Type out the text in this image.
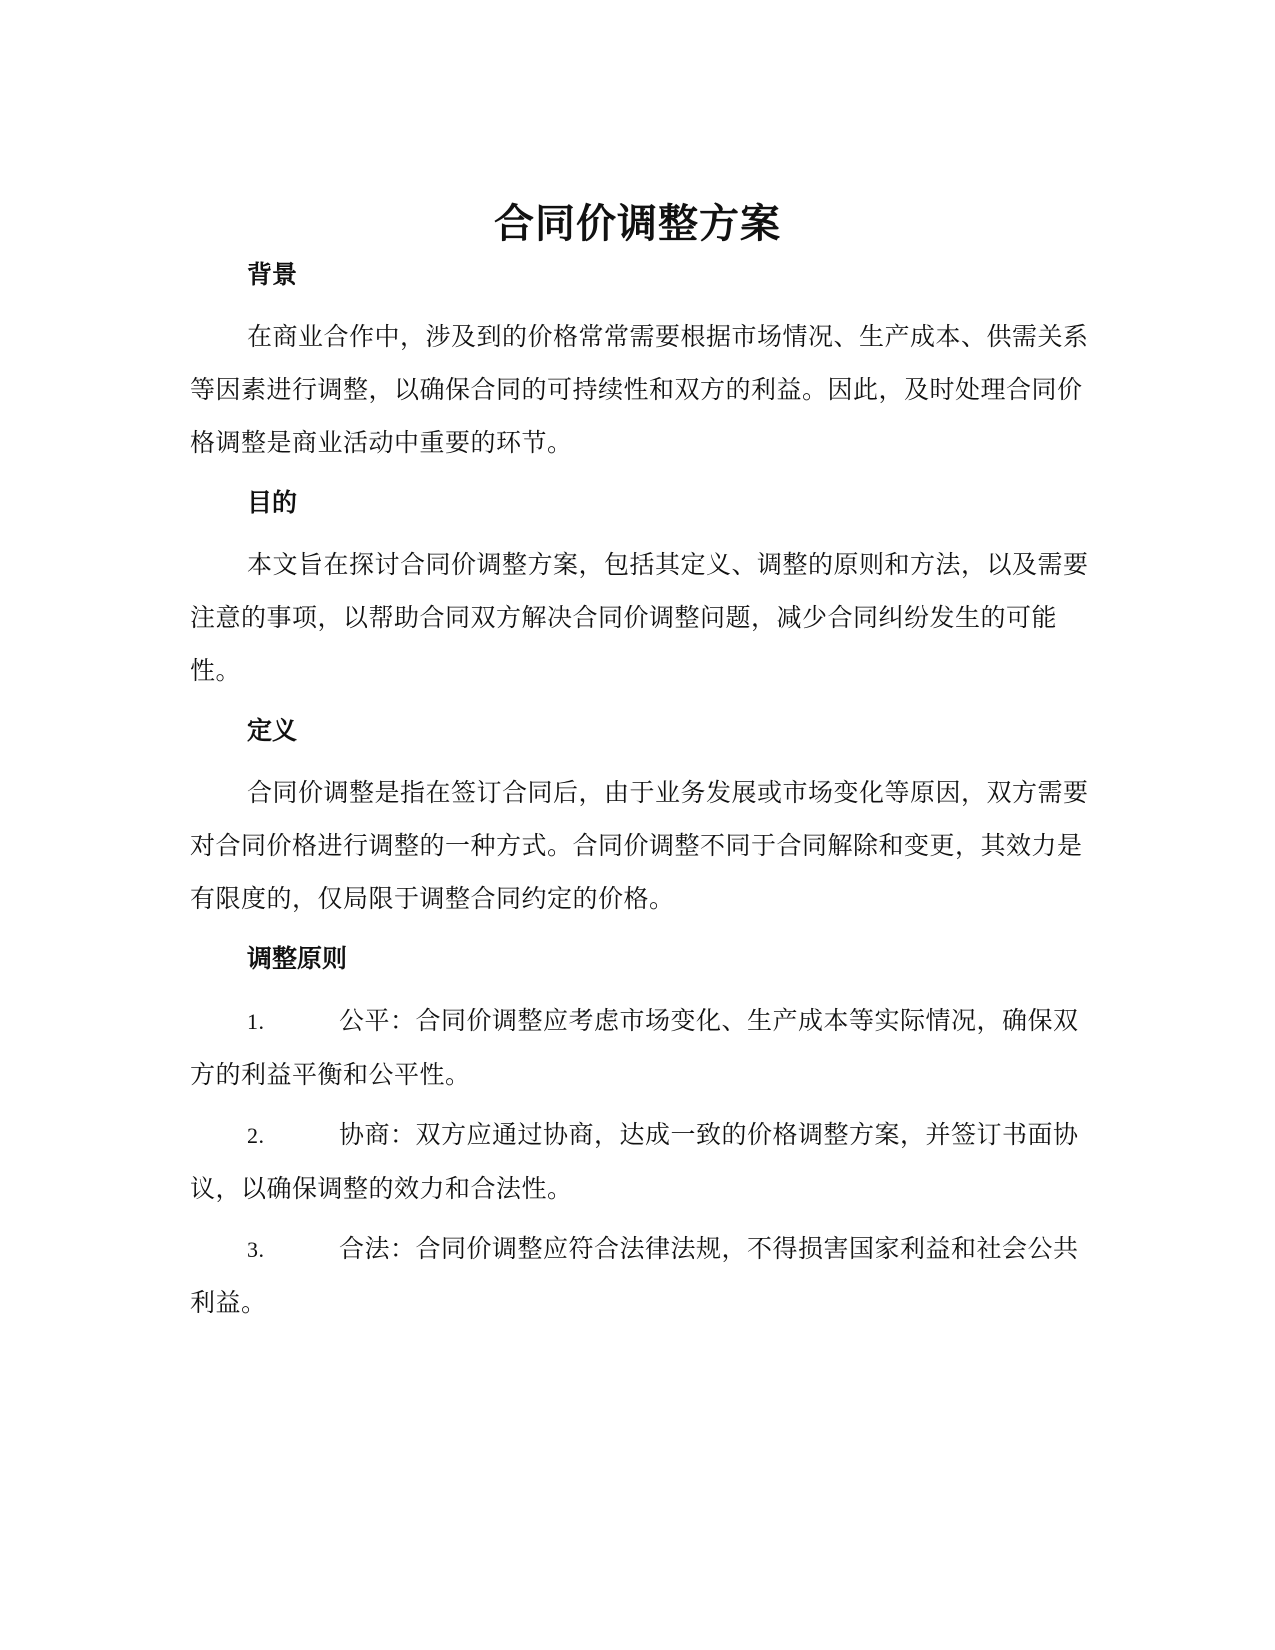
合同价调整方案
背景

在商业合作中，涉及到的价格常常需要根据市场情况、生产成本、供需关系等因素进行调整，以确保合同的可持续性和双方的利益。因此，及时处理合同价格调整是商业活动中重要的环节。

目的

本文旨在探讨合同价调整方案，包括其定义、调整的原则和方法，以及需要注意的事项，以帮助合同双方解决合同价调整问题，减少合同纠纷发生的可能性。

定义

合同价调整是指在签订合同后，由于业务发展或市场变化等原因，双方需要对合同价格进行调整的一种方式。合同价调整不同于合同解除和变更，其效力是有限度的，仅局限于调整合同约定的价格。

调整原则

1.	公平：合同价调整应考虑市场变化、生产成本等实际情况，确保双方的利益平衡和公平性。

2.	协商：双方应通过协商，达成一致的价格调整方案，并签订书面协议，以确保调整的效力和合法性。

3.	合法：合同价调整应符合法律法规，不得损害国家利益和社会公共利益。
